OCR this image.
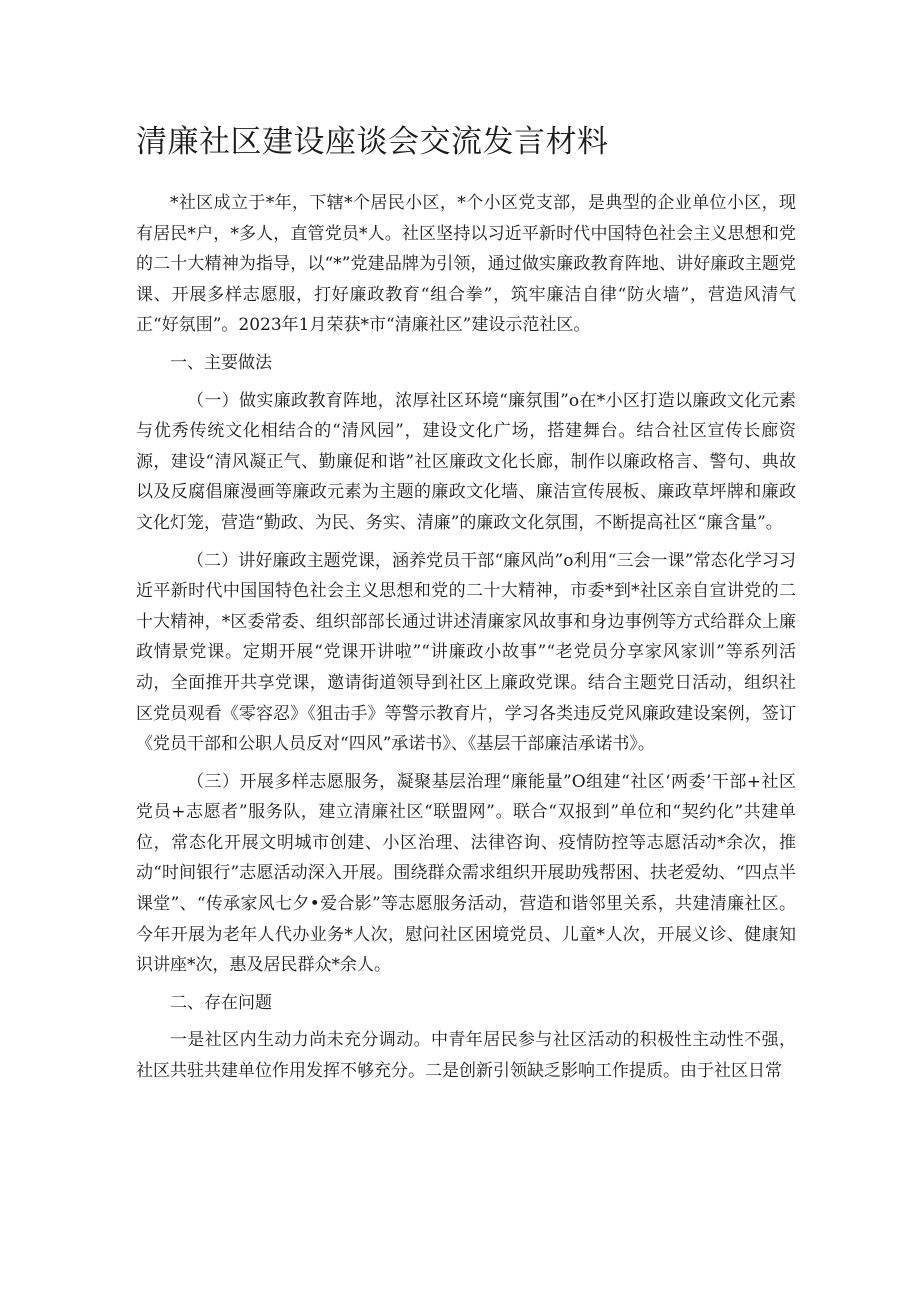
清廉社区建设座谈会交流发言材料

*社区成立于*年，下辖*个居民小区，*个小区党支部，是典型的企业单位小区，现有居民*户，*多人，直管党员*人。社区坚持以习近平新时代中国特色社会主义思想和党的二十大精神为指导，以“*”党建品牌为引领，通过做实廉政教育阵地、讲好廉政主题党课、开展多样志愿服，打好廉政教育“组合拳”，筑牢廉洁自律“防火墙”，营造风清气正“好氛围”。2023年1月荣获*市“清廉社区”建设示范社区。

一、主要做法

（一）做实廉政教育阵地，浓厚社区环境“廉氛围”o在*小区打造以廉政文化元素与优秀传统文化相结合的“清风园”，建设文化广场，搭建舞台。结合社区宣传长廊资源，建设“清风凝正气、勤廉促和谐”社区廉政文化长廊，制作以廉政格言、警句、典故以及反腐倡廉漫画等廉政元素为主题的廉政文化墙、廉洁宣传展板、廉政草坪牌和廉政文化灯笼，营造“勤政、为民、务实、清廉”的廉政文化氛围，不断提高社区“廉含量”。

（二）讲好廉政主题党课，涵养党员干部“廉风尚”o利用“三会一课”常态化学习习近平新时代中国国特色社会主义思想和党的二十大精神，市委*到*社区亲自宣讲党的二十大精神，*区委常委、组织部部长通过讲述清廉家风故事和身边事例等方式给群众上廉政情景党课。定期开展“党课开讲啦”“讲廉政小故事”“老党员分享家风家训”等系列活动，全面推开共享党课，邀请街道领导到社区上廉政党课。结合主题党日活动，组织社区党员观看《零容忍》《狙击手》等警示教育片，学习各类违反党风廉政建设案例，签订《党员干部和公职人员反对“四风”承诺书》、《基层干部廉洁承诺书》。

（三）开展多样志愿服务，凝聚基层治理“廉能量”O组建“社区‘两委’干部+社区党员+志愿者”服务队，建立清廉社区“联盟网”。联合“双报到”单位和“契约化”共建单位，常态化开展文明城市创建、小区治理、法律咨询、疫情防控等志愿活动*余次，推动“时间银行”志愿活动深入开展。围绕群众需求组织开展助残帮困、扶老爱幼、“四点半课堂”、“传承家风七夕•爱合影”等志愿服务活动，营造和谐邻里关系，共建清廉社区。今年开展为老年人代办业务*人次，慰问社区困境党员、儿童*人次，开展义诊、健康知识讲座*次，惠及居民群众*余人。

二、存在问题

一是社区内生动力尚未充分调动。中青年居民参与社区活动的积极性主动性不强，社区共驻共建单位作用发挥不够充分。二是创新引领缺乏影响工作提质。由于社区日常
